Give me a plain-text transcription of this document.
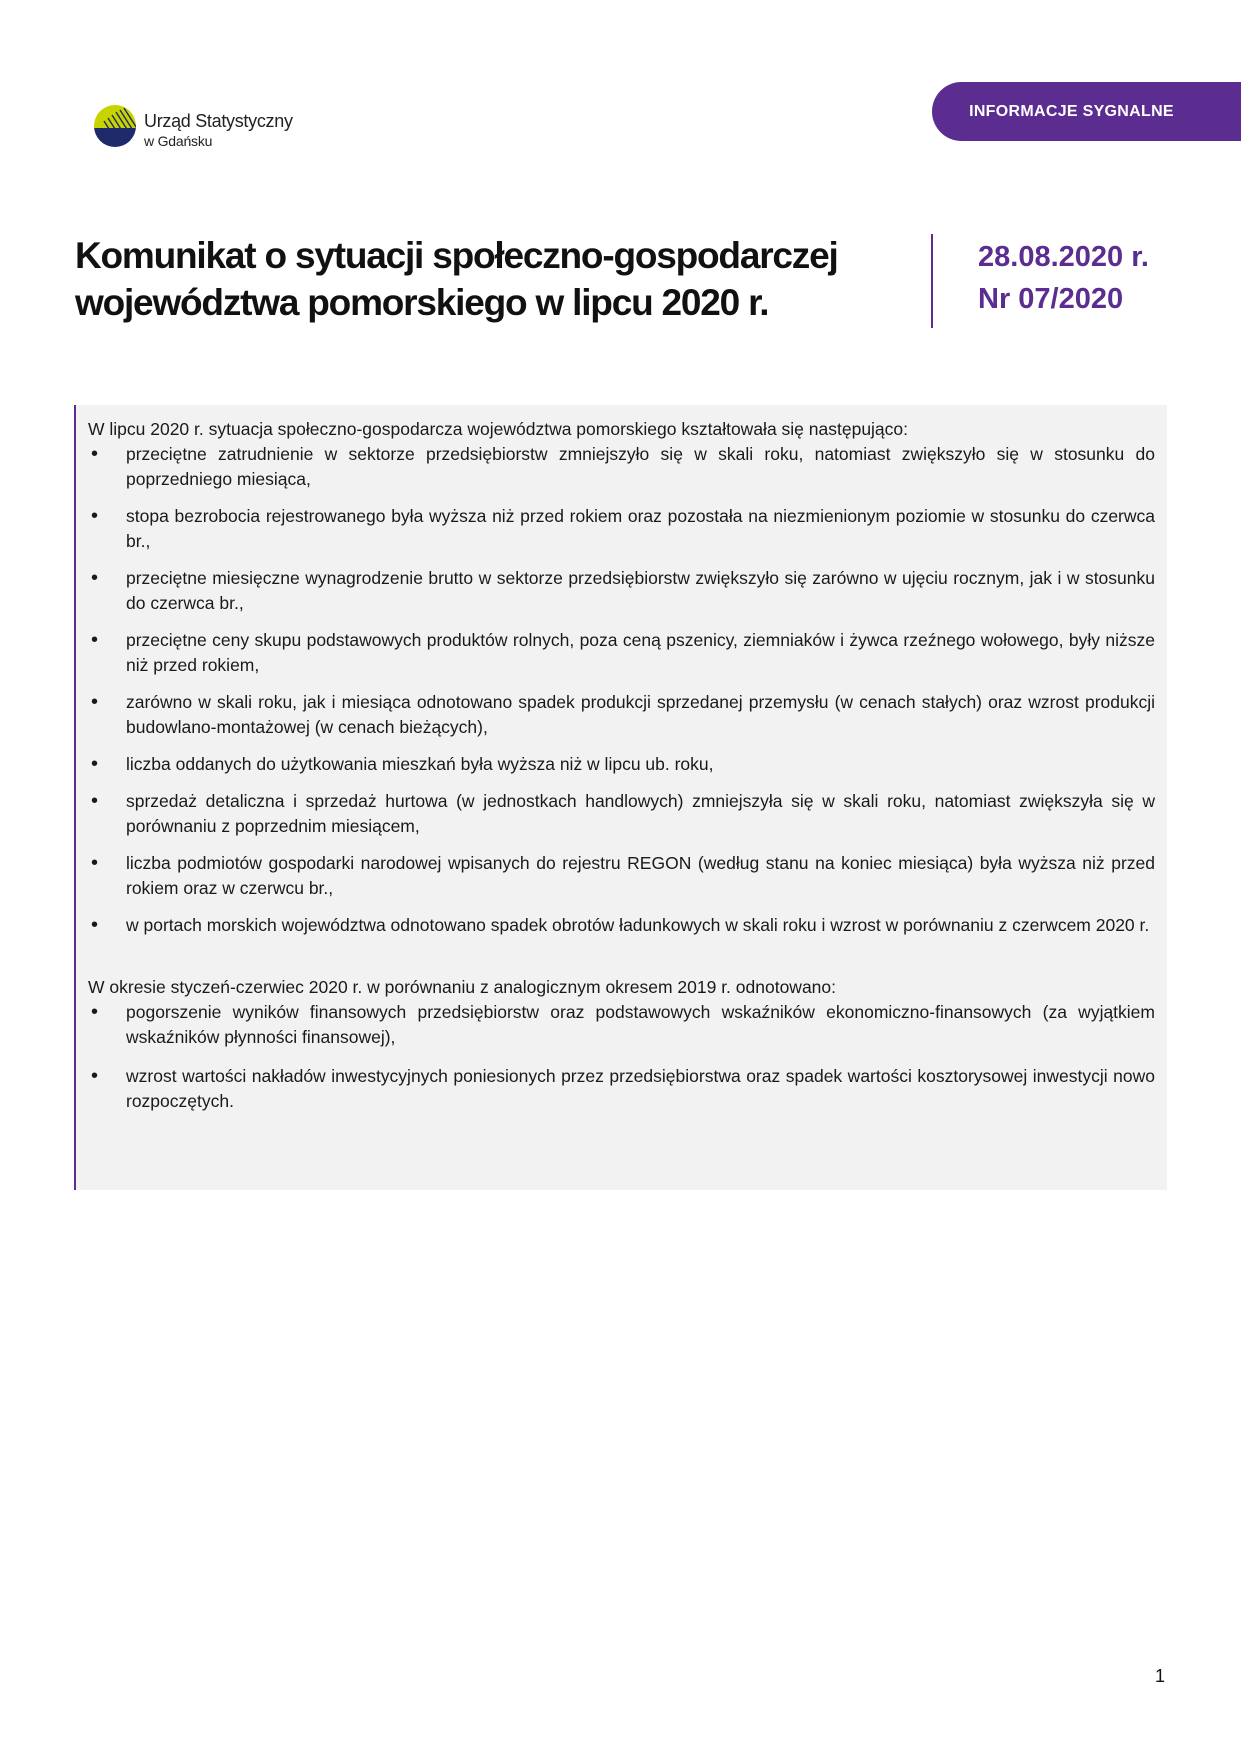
Urząd Statystyczny
w Gdańsku
INFORMACJE SYGNALNE
Komunikat o sytuacji społeczno-gospodarczej
województwa pomorskiego w lipcu 2020 r.
28.08.2020 r.
Nr 07/2020

W lipcu 2020 r. sytuacja społeczno-gospodarcza województwa pomorskiego kształtowała się następująco:

• przeciętne zatrudnienie w sektorze przedsiębiorstw zmniejszyło się w skali roku, natomiast zwiększyło się w stosunku do poprzedniego miesiąca,
• stopa bezrobocia rejestrowanego była wyższa niż przed rokiem oraz pozostała na niezmienionym poziomie w stosunku do czerwca br.,
• przeciętne miesięczne wynagrodzenie brutto w sektorze przedsiębiorstw zwiększyło się zarówno w ujęciu rocznym, jak i w stosunku do czerwca br.,
• przeciętne ceny skupu podstawowych produktów rolnych, poza ceną pszenicy, ziemniaków i żywca rzeźnego wołowego, były niższe niż przed rokiem,
• zarówno w skali roku, jak i miesiąca odnotowano spadek produkcji sprzedanej przemysłu (w cenach stałych) oraz wzrost produkcji budowlano-montażowej (w cenach bieżących),
• liczba oddanych do użytkowania mieszkań była wyższa niż w lipcu ub. roku,
• sprzedaż detaliczna i sprzedaż hurtowa (w jednostkach handlowych) zmniejszyła się w skali roku, natomiast zwiększyła się w porównaniu z poprzednim miesiącem,
• liczba podmiotów gospodarki narodowej wpisanych do rejestru REGON (według stanu na koniec miesiąca) była wyższa niż przed rokiem oraz w czerwcu br.,
• w portach morskich województwa odnotowano spadek obrotów ładunkowych w skali roku i wzrost w porównaniu z czerwcem 2020 r.

W okresie styczeń-czerwiec 2020 r. w porównaniu z analogicznym okresem 2019 r. odnotowano:

• pogorszenie wyników finansowych przedsiębiorstw oraz podstawowych wskaźników ekonomiczno-finansowych (za wyjątkiem wskaźników płynności finansowej),
• wzrost wartości nakładów inwestycyjnych poniesionych przez przedsiębiorstwa oraz spadek wartości kosztorysowej inwestycji nowo rozpoczętych.
1
